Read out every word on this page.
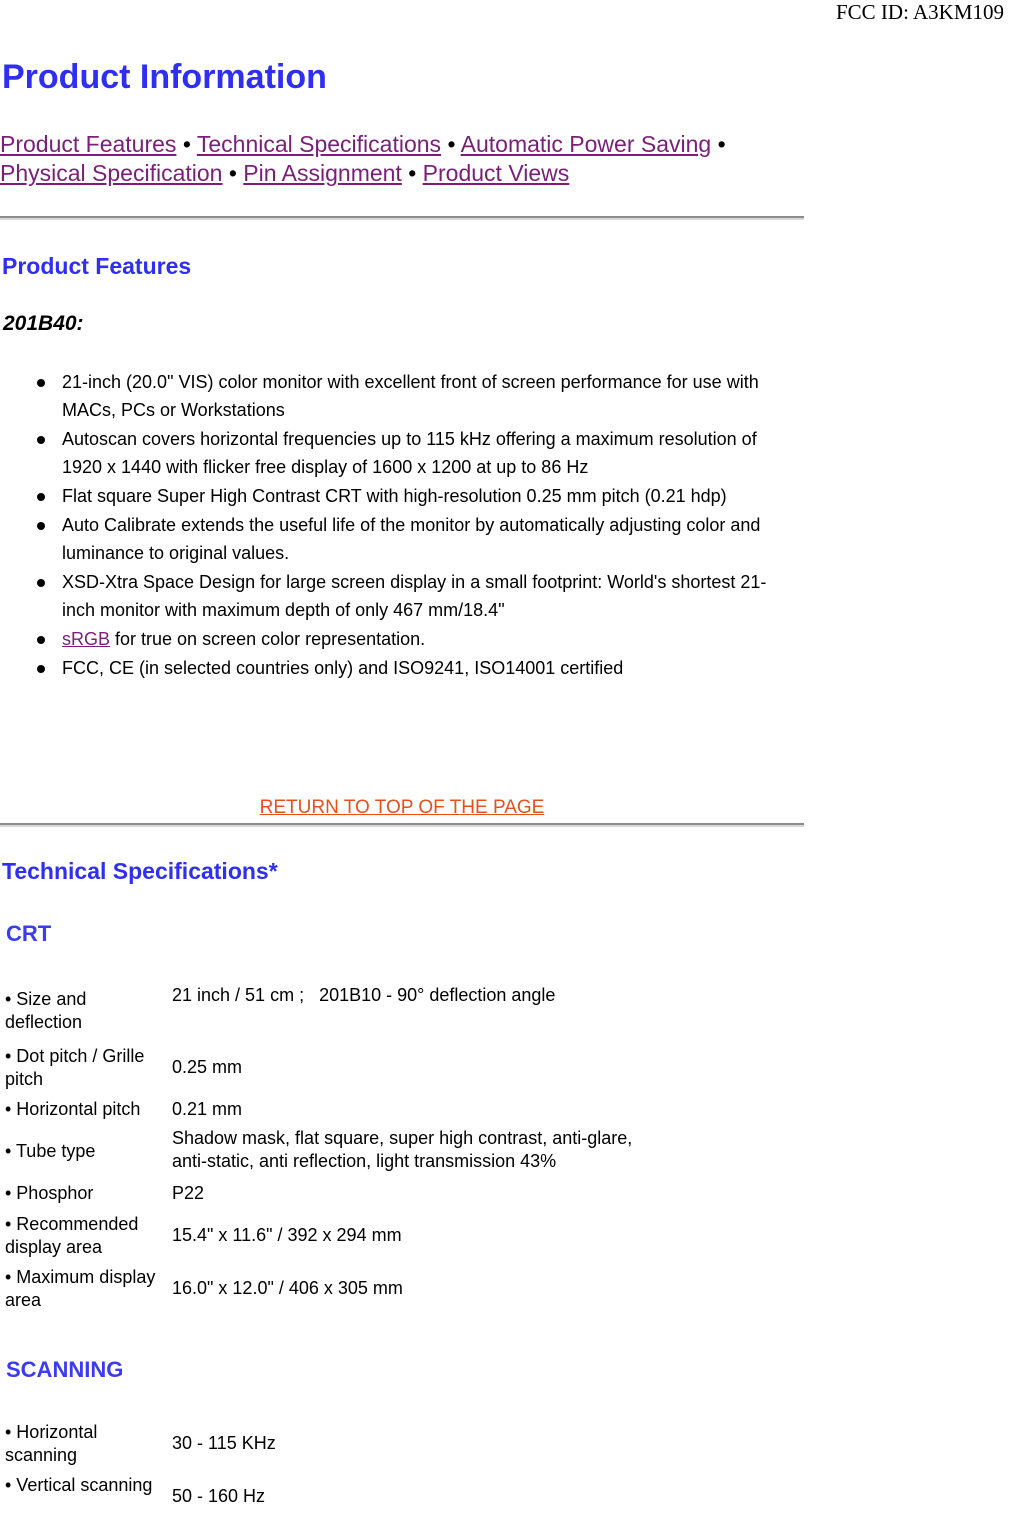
FCC ID: A3KM109
Product Information
Product Features • Technical Specifications • Automatic Power Saving •
Physical Specification • Pin Assignment • Product Views
Product Features
201B40:
21-inch (20.0" VIS) color monitor with excellent front of screen performance for use with MACs, PCs or Workstations
Autoscan covers horizontal frequencies up to 115 kHz offering a maximum resolution of 1920 x 1440 with flicker free display of 1600 x 1200 at up to 86 Hz
Flat square Super High Contrast CRT with high-resolution 0.25 mm pitch (0.21 hdp)
Auto Calibrate extends the useful life of the monitor by automatically adjusting color and luminance to original values.
XSD-Xtra Space Design for large screen display in a small footprint: World's shortest 21-inch monitor with maximum depth of only 467 mm/18.4"
sRGB for true on screen color representation.
FCC, CE (in selected countries only) and ISO9241, ISO14001 certified
RETURN TO TOP OF THE PAGE
Technical Specifications*
CRT
• Size and deflection
21 inch / 51 cm ;   201B10 - 90° deflection angle
• Dot pitch / Grille pitch
0.25 mm
• Horizontal pitch	0.21 mm
• Tube type
Shadow mask, flat square, super high contrast, anti-glare,
anti-static, anti reflection, light transmission 43%
• Phosphor	P22
• Recommended display area
15.4" x 11.6" / 392 x 294 mm
• Maximum display area
16.0" x 12.0" / 406 x 305 mm
SCANNING
• Horizontal scanning
30 - 115 KHz
• Vertical scanning
50 - 160 Hz
